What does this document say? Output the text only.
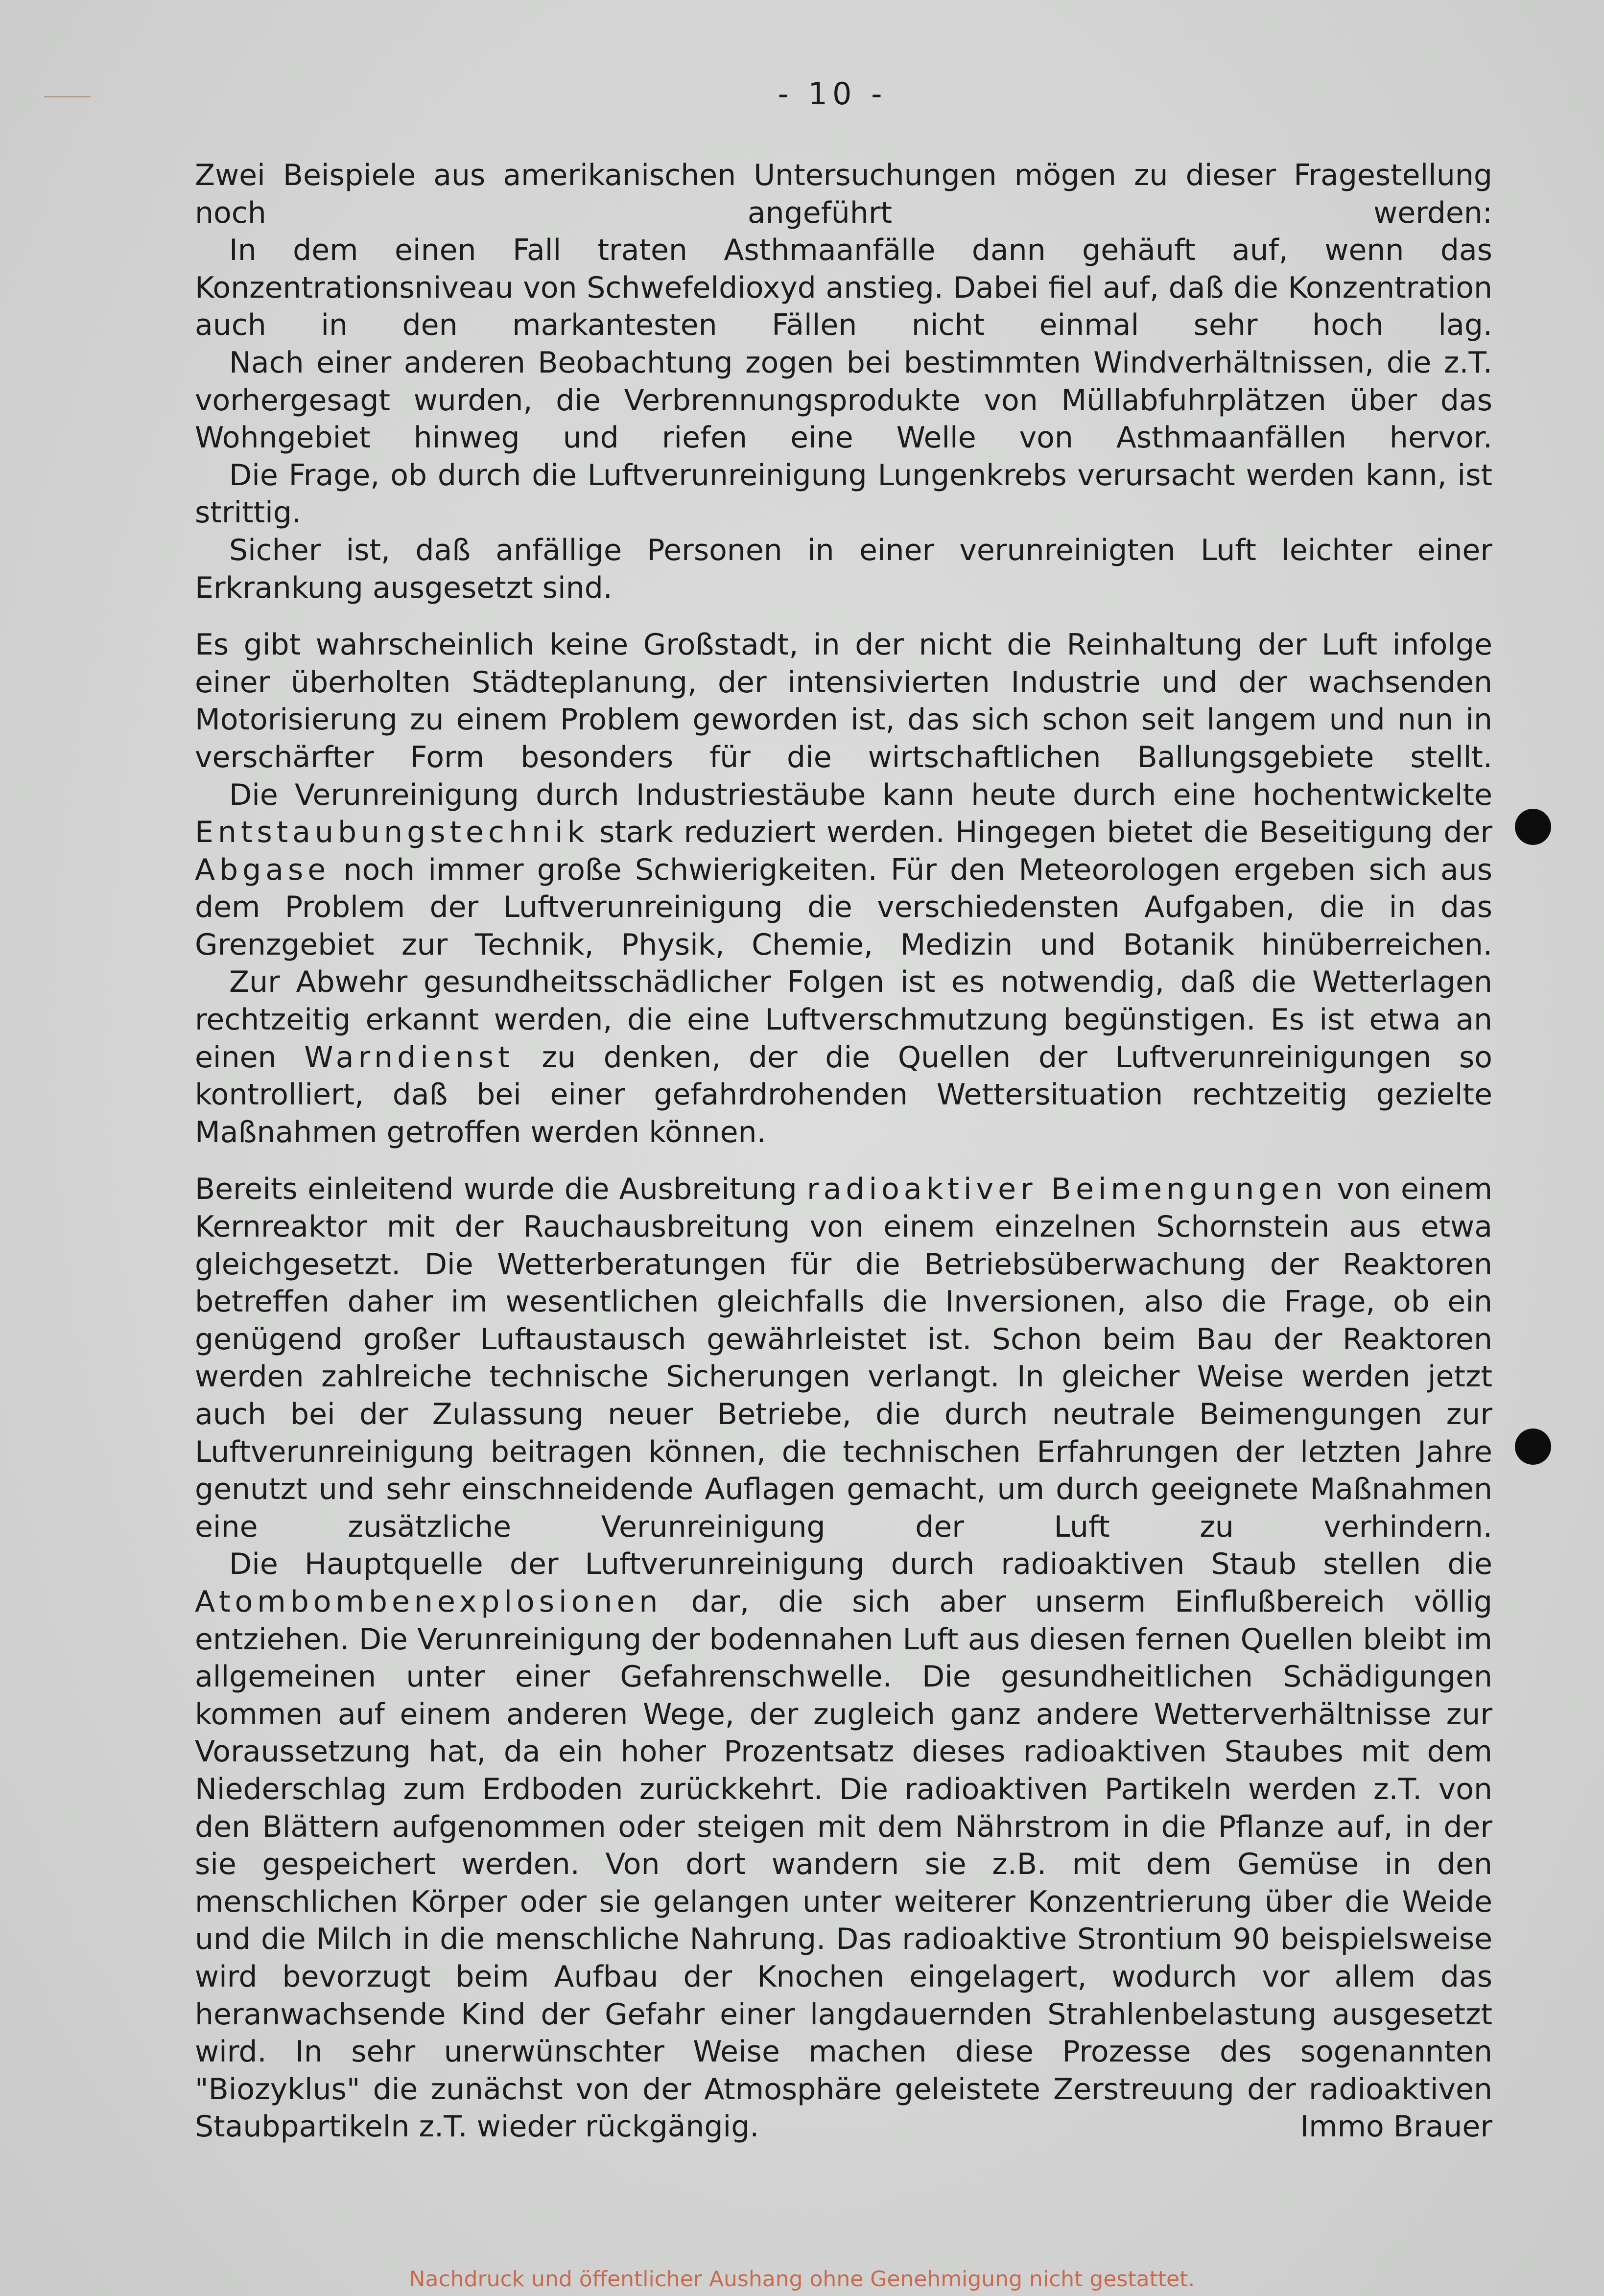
- 10 -

Zwei Beispiele aus amerikanischen Untersuchungen mögen zu dieser Fragestellung noch angeführt werden:

In dem einen Fall traten Asthmaanfälle dann gehäuft auf, wenn das Konzentrationsniveau von Schwefeldioxyd anstieg. Dabei fiel auf, daß die Konzentration auch in den markantesten Fällen nicht einmal sehr hoch lag.

Nach einer anderen Beobachtung zogen bei bestimmten Windverhältnissen, die z.T. vorhergesagt wurden, die Verbrennungsprodukte von Müllabfuhrplätzen über das Wohngebiet hinweg und riefen eine Welle von Asthmaanfällen hervor.

Die Frage, ob durch die Luftverunreinigung Lungenkrebs verursacht werden kann, ist strittig.

Sicher ist, daß anfällige Personen in einer verunreinigten Luft leichter einer Erkrankung ausgesetzt sind.

Es gibt wahrscheinlich keine Großstadt, in der nicht die Reinhaltung der Luft infolge einer überholten Städteplanung, der intensivierten Industrie und der wachsenden Motorisierung zu einem Problem geworden ist, das sich schon seit langem und nun in verschärfter Form besonders für die wirtschaftlichen Ballungsgebiete stellt.

Die Verunreinigung durch Industriestäube kann heute durch eine hochentwickelte Entstaubungstechnik stark reduziert werden. Hingegen bietet die Beseitigung der Abgase noch immer große Schwierigkeiten. Für den Meteorologen ergeben sich aus dem Problem der Luftverunreinigung die verschiedensten Aufgaben, die in das Grenzgebiet zur Technik, Physik, Chemie, Medizin und Botanik hinüberreichen.

Zur Abwehr gesundheitsschädlicher Folgen ist es notwendig, daß die Wetterlagen rechtzeitig erkannt werden, die eine Luftverschmutzung begünstigen. Es ist etwa an einen Warndienst zu denken, der die Quellen der Luftverunreinigungen so kontrolliert, daß bei einer gefahrdrohenden Wettersituation rechtzeitig gezielte Maßnahmen getroffen werden können.

Bereits einleitend wurde die Ausbreitung radioaktiver Beimengungen von einem Kernreaktor mit der Rauchausbreitung von einem einzelnen Schornstein aus etwa gleichgesetzt. Die Wetterberatungen für die Betriebsüberwachung der Reaktoren betreffen daher im wesentlichen gleichfalls die Inversionen, also die Frage, ob ein genügend großer Luftaustausch gewährleistet ist. Schon beim Bau der Reaktoren werden zahlreiche technische Sicherungen verlangt. In gleicher Weise werden jetzt auch bei der Zulassung neuer Betriebe, die durch neutrale Beimengungen zur Luftverunreinigung beitragen können, die technischen Erfahrungen der letzten Jahre genutzt und sehr einschneidende Auflagen gemacht, um durch geeignete Maßnahmen eine zusätzliche Verunreinigung der Luft zu verhindern.

Die Hauptquelle der Luftverunreinigung durch radioaktiven Staub stellen die Atombombenexplosionen dar, die sich aber unserm Einflußbereich völlig entziehen. Die Verunreinigung der bodennahen Luft aus diesen fernen Quellen bleibt im allgemeinen unter einer Gefahrenschwelle. Die gesundheitlichen Schädigungen kommen auf einem anderen Wege, der zugleich ganz andere Wetterverhältnisse zur Voraussetzung hat, da ein hoher Prozentsatz dieses radioaktiven Staubes mit dem Niederschlag zum Erdboden zurückkehrt. Die radioaktiven Partikeln werden z.T. von den Blättern aufgenommen oder steigen mit dem Nährstrom in die Pflanze auf, in der sie gespeichert werden. Von dort wandern sie z.B. mit dem Gemüse in den menschlichen Körper oder sie gelangen unter weiterer Konzentrierung über die Weide und die Milch in die menschliche Nahrung. Das radioaktive Strontium 90 beispielsweise wird bevorzugt beim Aufbau der Knochen eingelagert, wodurch vor allem das heranwachsende Kind der Gefahr einer langdauernden Strahlenbelastung ausgesetzt wird. In sehr unerwünschter Weise machen diese Prozesse des sogenannten "Biozyklus" die zunächst von der Atmosphäre geleistete Zerstreuung der radioaktiven Staubpartikeln z.T. wieder rückgängig.	Immo Brauer

Nachdruck und öffentlicher Aushang ohne Genehmigung nicht gestattet.
